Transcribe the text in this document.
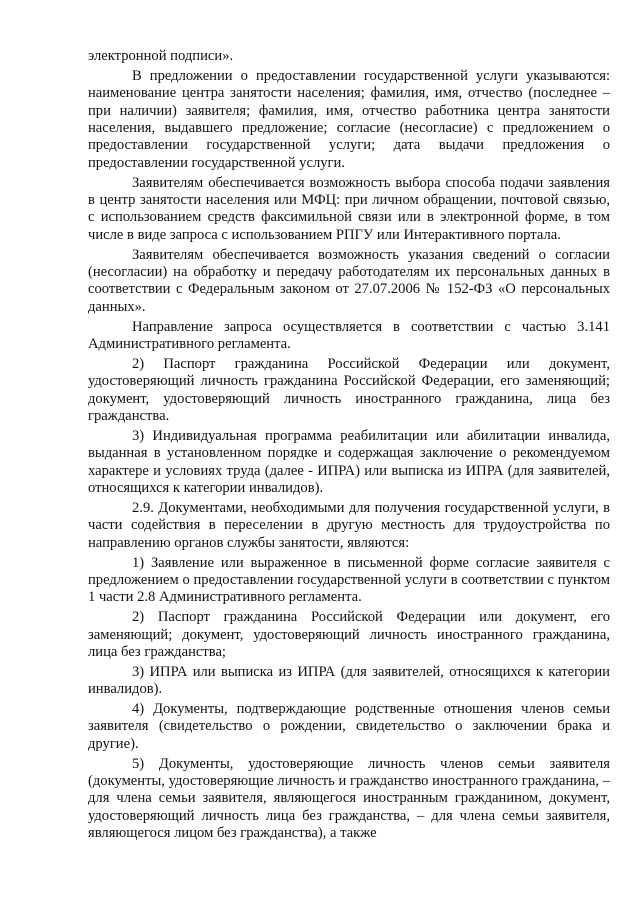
электронной подписи».

В предложении о предоставлении государственной услуги указываются: наименование центра занятости населения; фамилия, имя, отчество (последнее – при наличии) заявителя; фамилия, имя, отчество работника центра занятости населения, выдавшего предложение; согласие (несогласие) с предложением о предоставлении государственной услуги; дата выдачи предложения о предоставлении государственной услуги.

Заявителям обеспечивается возможность выбора способа подачи заявления в центр занятости населения или МФЦ: при личном обращении, почтовой связью, с использованием средств факсимильной связи или в электронной форме, в том числе в виде запроса с использованием РПГУ или Интерактивного портала.

Заявителям обеспечивается возможность указания сведений о согласии (несогласии) на обработку и передачу работодателям их персональных данных в соответствии с Федеральным законом от 27.07.2006 № 152-ФЗ «О персональных данных».

Направление запроса осуществляется в соответствии с частью 3.141 Административного регламента.

2) Паспорт гражданина Российской Федерации или документ, удостоверяющий личность гражданина Российской Федерации, его заменяющий; документ, удостоверяющий личность иностранного гражданина, лица без гражданства.

3) Индивидуальная программа реабилитации или абилитации инвалида, выданная в установленном порядке и содержащая заключение о рекомендуемом характере и условиях труда (далее - ИПРА) или выписка из ИПРА (для заявителей, относящихся к категории инвалидов).

2.9. Документами, необходимыми для получения государственной услуги, в части содействия в переселении в другую местность для трудоустройства по направлению органов службы занятости, являются:

1) Заявление или выраженное в письменной форме согласие заявителя с предложением о предоставлении государственной услуги в соответствии с пунктом 1 части 2.8 Административного регламента.

2) Паспорт гражданина Российской Федерации или документ, его заменяющий; документ, удостоверяющий личность иностранного гражданина, лица без гражданства;

3) ИПРА или выписка из ИПРА (для заявителей, относящихся к категории инвалидов).

4) Документы, подтверждающие родственные отношения членов семьи заявителя (свидетельство о рождении, свидетельство о заключении брака и другие).

5) Документы, удостоверяющие личность членов семьи заявителя (документы, удостоверяющие личность и гражданство иностранного гражданина, – для члена семьи заявителя, являющегося иностранным гражданином, документ, удостоверяющий личность лица без гражданства, – для члена семьи заявителя, являющегося лицом без гражданства), а также
